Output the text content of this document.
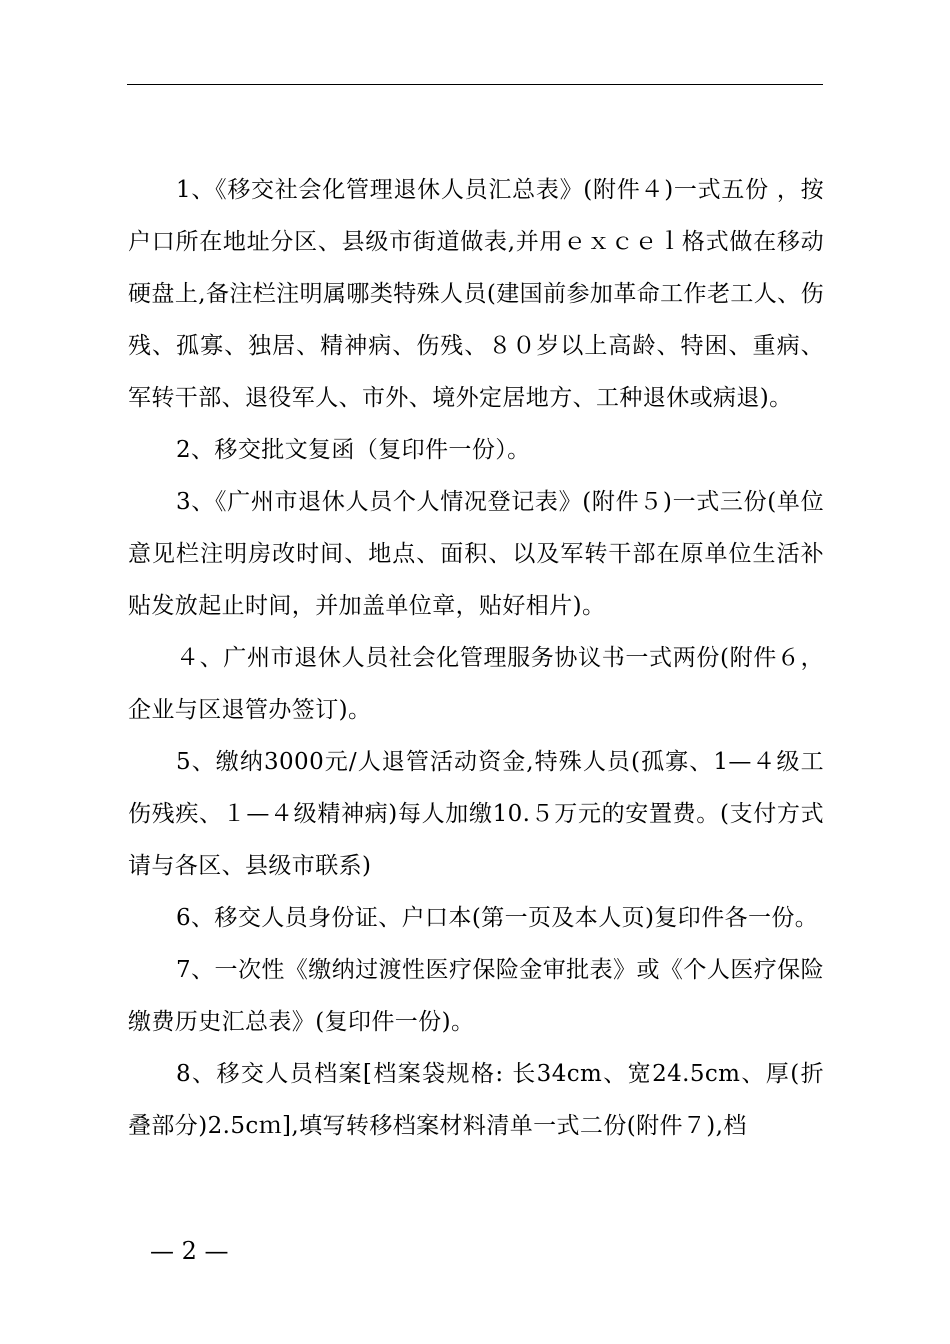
1、《移交社会化管理退休人员汇总表》(附件４)一式五份 ，按户口所在地址分区、县级市街道做表,并用ｅｘｃｅｌ格式做在移动硬盘上,备注栏注明属哪类特殊人员(建国前参加革命工作老工人、伤残、孤寡、独居、精神病、伤残、８０岁以上高龄、特困、重病、军转干部、退役军人、市外、境外定居地方、工种退休或病退)。

2、移交批文复函（复印件一份）。

3、《广州市退休人员个人情况登记表》(附件５)一式三份(单位意见栏注明房改时间、地点、面积、以及军转干部在原单位生活补贴发放起止时间，并加盖单位章，贴好相片)。

４、广州市退休人员社会化管理服务协议书一式两份(附件６，企业与区退管办签订)。

5、缴纳3000元/人退管活动资金,特殊人员(孤寡、1—４级工伤残疾、１—４级精神病)每人加缴10.５万元的安置费。(支付方式请与各区、县级市联系)

6、移交人员身份证、户口本(第一页及本人页)复印件各一份。

7、一次性《缴纳过渡性医疗保险金审批表》或《个人医疗保险缴费历史汇总表》(复印件一份)。

8、移交人员档案[档案袋规格: 长34cm、宽24.5cm、厚(折叠部分)2.5cｍ],填写转移档案材料清单一式二份(附件７),档

— 2 —
